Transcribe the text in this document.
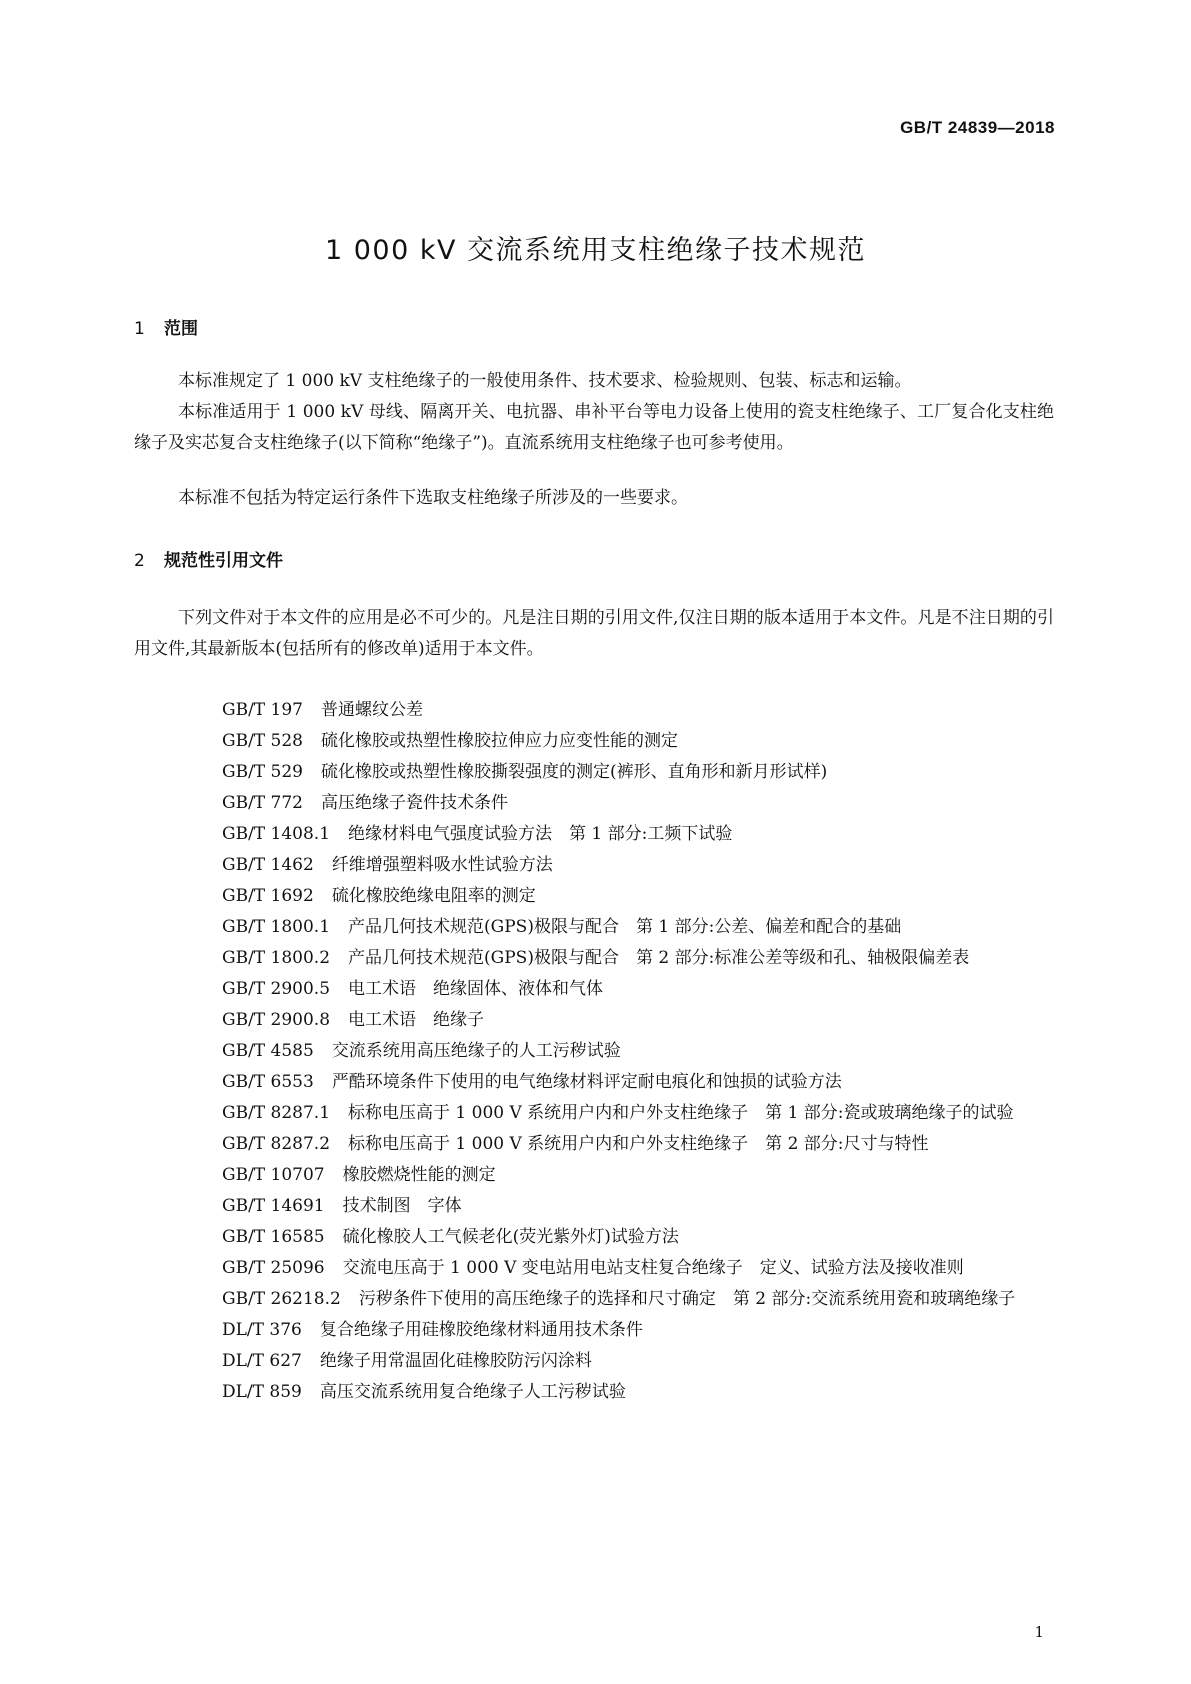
GB/T 24839—2018
1 000 kV 交流系统用支柱绝缘子技术规范
1 范围
本标准规定了 1 000 kV 支柱绝缘子的一般使用条件、技术要求、检验规则、包装、标志和运输。
本标准适用于 1 000 kV 母线、隔离开关、电抗器、串补平台等电力设备上使用的瓷支柱绝缘子、工厂复合化支柱绝缘子及实芯复合支柱绝缘子(以下简称“绝缘子”)。直流系统用支柱绝缘子也可参考使用。
本标准不包括为特定运行条件下选取支柱绝缘子所涉及的一些要求。
2 规范性引用文件
下列文件对于本文件的应用是必不可少的。凡是注日期的引用文件,仅注日期的版本适用于本文件。凡是不注日期的引用文件,其最新版本(包括所有的修改单)适用于本文件。
GB/T 197 普通螺纹公差
GB/T 528 硫化橡胶或热塑性橡胶拉伸应力应变性能的测定
GB/T 529 硫化橡胶或热塑性橡胶撕裂强度的测定(裤形、直角形和新月形试样)
GB/T 772 高压绝缘子瓷件技术条件
GB/T 1408.1 绝缘材料电气强度试验方法　第 1 部分:工频下试验
GB/T 1462 纤维增强塑料吸水性试验方法
GB/T 1692 硫化橡胶绝缘电阻率的测定
GB/T 1800.1 产品几何技术规范(GPS)极限与配合　第 1 部分:公差、偏差和配合的基础
GB/T 1800.2 产品几何技术规范(GPS)极限与配合　第 2 部分:标准公差等级和孔、轴极限偏差表
GB/T 2900.5 电工术语　绝缘固体、液体和气体
GB/T 2900.8 电工术语　绝缘子
GB/T 4585 交流系统用高压绝缘子的人工污秽试验
GB/T 6553 严酷环境条件下使用的电气绝缘材料评定耐电痕化和蚀损的试验方法
GB/T 8287.1 标称电压高于 1 000 V 系统用户内和户外支柱绝缘子　第 1 部分:瓷或玻璃绝缘子的试验
GB/T 8287.2 标称电压高于 1 000 V 系统用户内和户外支柱绝缘子　第 2 部分:尺寸与特性
GB/T 10707 橡胶燃烧性能的测定
GB/T 14691 技术制图　字体
GB/T 16585 硫化橡胶人工气候老化(荧光紫外灯)试验方法
GB/T 25096 交流电压高于 1 000 V 变电站用电站支柱复合绝缘子　定义、试验方法及接收准则
GB/T 26218.2 污秽条件下使用的高压绝缘子的选择和尺寸确定　第 2 部分:交流系统用瓷和玻璃绝缘子
DL/T 376 复合绝缘子用硅橡胶绝缘材料通用技术条件
DL/T 627 绝缘子用常温固化硅橡胶防污闪涂料
DL/T 859 高压交流系统用复合绝缘子人工污秽试验
1
